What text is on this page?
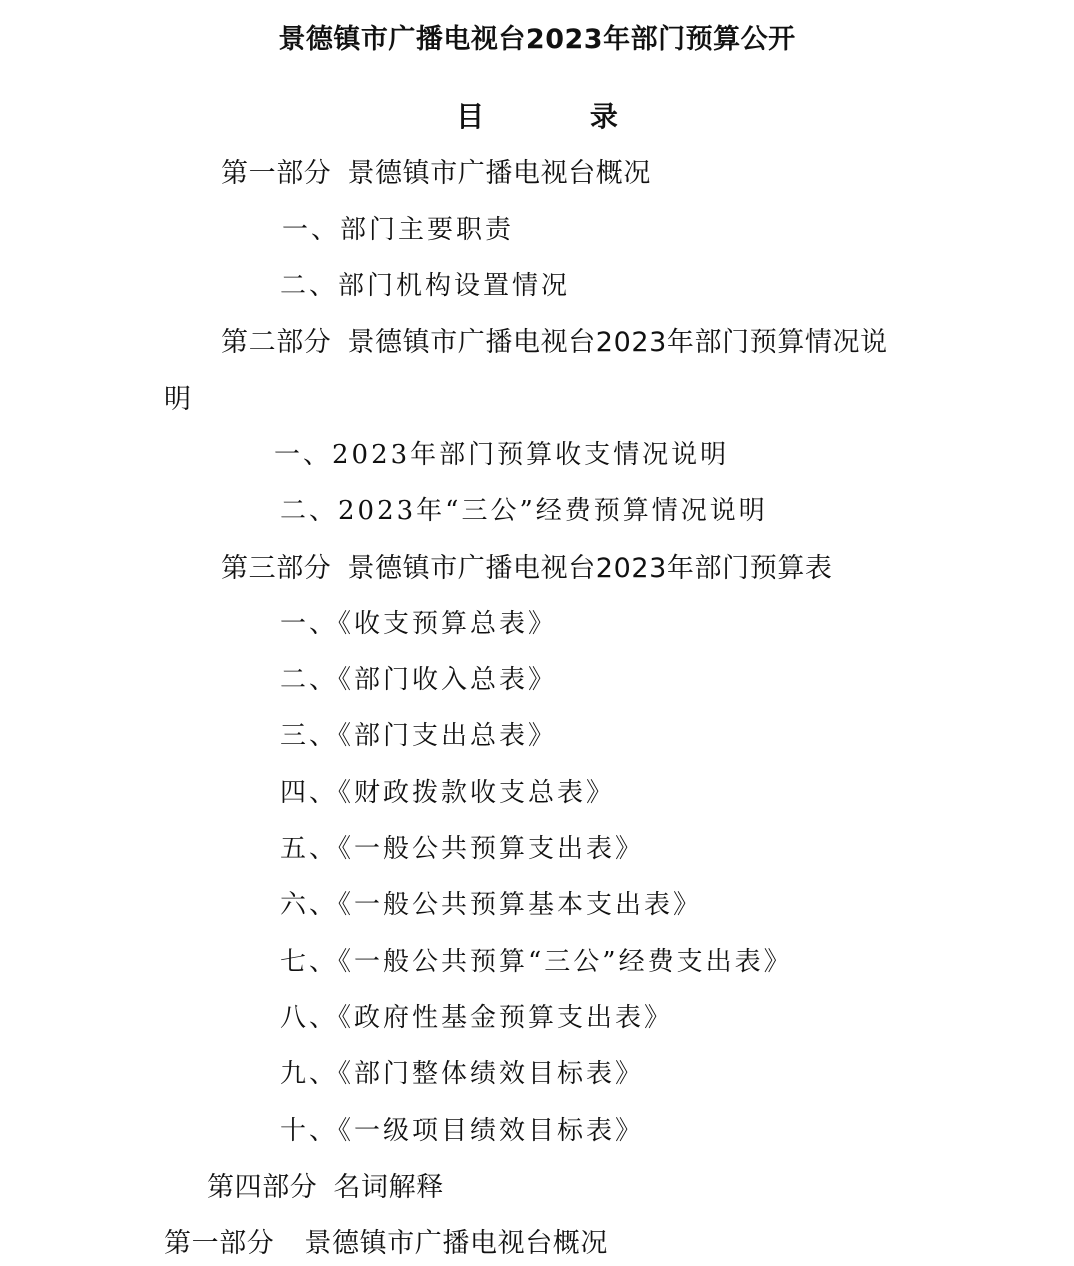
景德镇市广播电视台2023年部门预算公开
目 录
第一部分 景德镇市广播电视台概况
一、部门主要职责
二、部门机构设置情况
第二部分 景德镇市广播电视台2023年部门预算情况说
明
一、2023年部门预算收支情况说明
二、2023年“三公”经费预算情况说明
第三部分 景德镇市广播电视台2023年部门预算表
一、《收支预算总表》
二、《部门收入总表》
三、《部门支出总表》
四、《财政拨款收支总表》
五、《一般公共预算支出表》
六、《一般公共预算基本支出表》
七、《一般公共预算“三公”经费支出表》
八、《政府性基金预算支出表》
九、《部门整体绩效目标表》
十、《一级项目绩效目标表》
第四部分 名词解释
第一部分 景德镇市广播电视台概况
